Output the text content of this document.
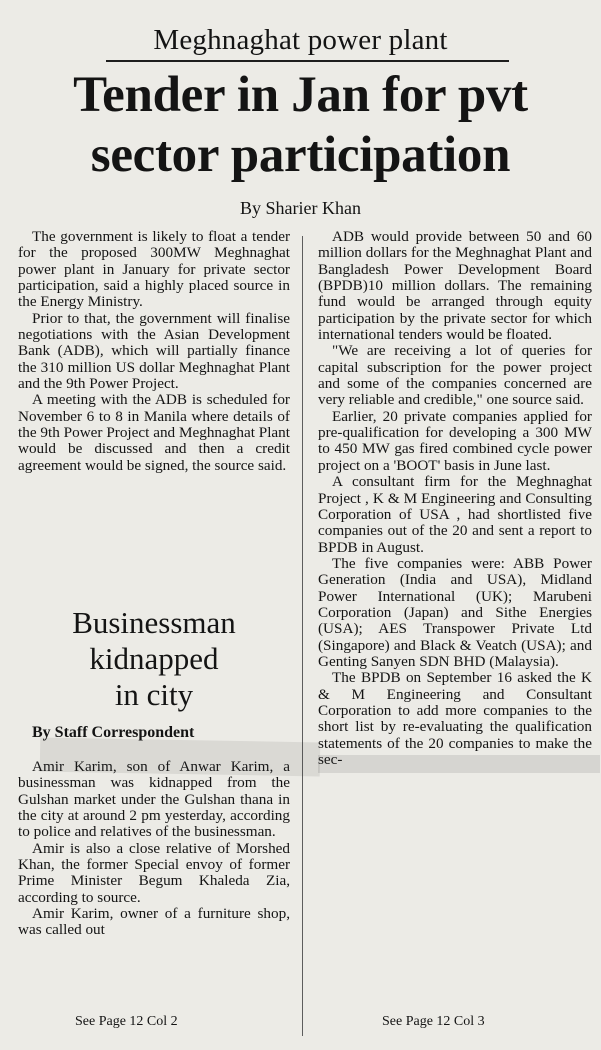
Meghnaghat power plant
Tender in Jan for pvt
sector participation
By Sharier Khan

The government is likely to float a tender for the proposed 300MW Meghnaghat power plant in January for private sector participation, said a highly placed source in the Energy Ministry.

Prior to that, the government will finalise negotiations with the Asian Development Bank (ADB), which will partially finance the 310 million US dollar Meghnaghat Plant and the 9th Power Project.

A meeting with the ADB is scheduled for November 6 to 8 in Manila where details of the 9th Power Project and Meghnaghat Plant would be discussed and then a credit agreement would be signed, the source said.

ADB would provide between 50 and 60 million dollars for the Meghnaghat Plant and Bangladesh Power Development Board (BPDB)10 million dollars. The remaining fund would be arranged through equity participation by the private sector for which international tenders would be floated.

"We are receiving a lot of queries for capital subscription for the power project and some of the companies concerned are very reliable and credible," one source said.

Earlier, 20 private companies applied for pre-qualification for developing a 300 MW to 450 MW gas fired combined cycle power project on a 'BOOT' basis in June last.

A consultant firm for the Meghnaghat Project , K & M Engineering and Consulting Corporation of USA , had shortlisted five companies out of the 20 and sent a report to BPDB in August.

The five companies were: ABB Power Generation (India and USA), Midland Power International (UK); Marubeni Corporation (Japan) and Sithe Energies (USA); AES Transpower Private Ltd (Singapore) and Black & Veatch (USA); and Genting Sanyen SDN BHD (Malaysia).

The BPDB on September 16 asked the K & M Engineering and Consultant Corporation to add more companies to the short list by re-evaluating the qualification statements of the 20 companies to make the sec-

Businessman
kidnapped
in city
By Staff Correspondent

Amir Karim, son of Anwar Karim, a businessman was kidnapped from the Gulshan market under the Gulshan thana in the city at around 2 pm yesterday, according to police and relatives of the businessman.

Amir is also a close relative of Morshed Khan, the former Special envoy of former Prime Minister Begum Khaleda Zia, according to source.

Amir Karim, owner of a furniture shop, was called out

See Page 12 Col 2	See Page 12 Col 3
